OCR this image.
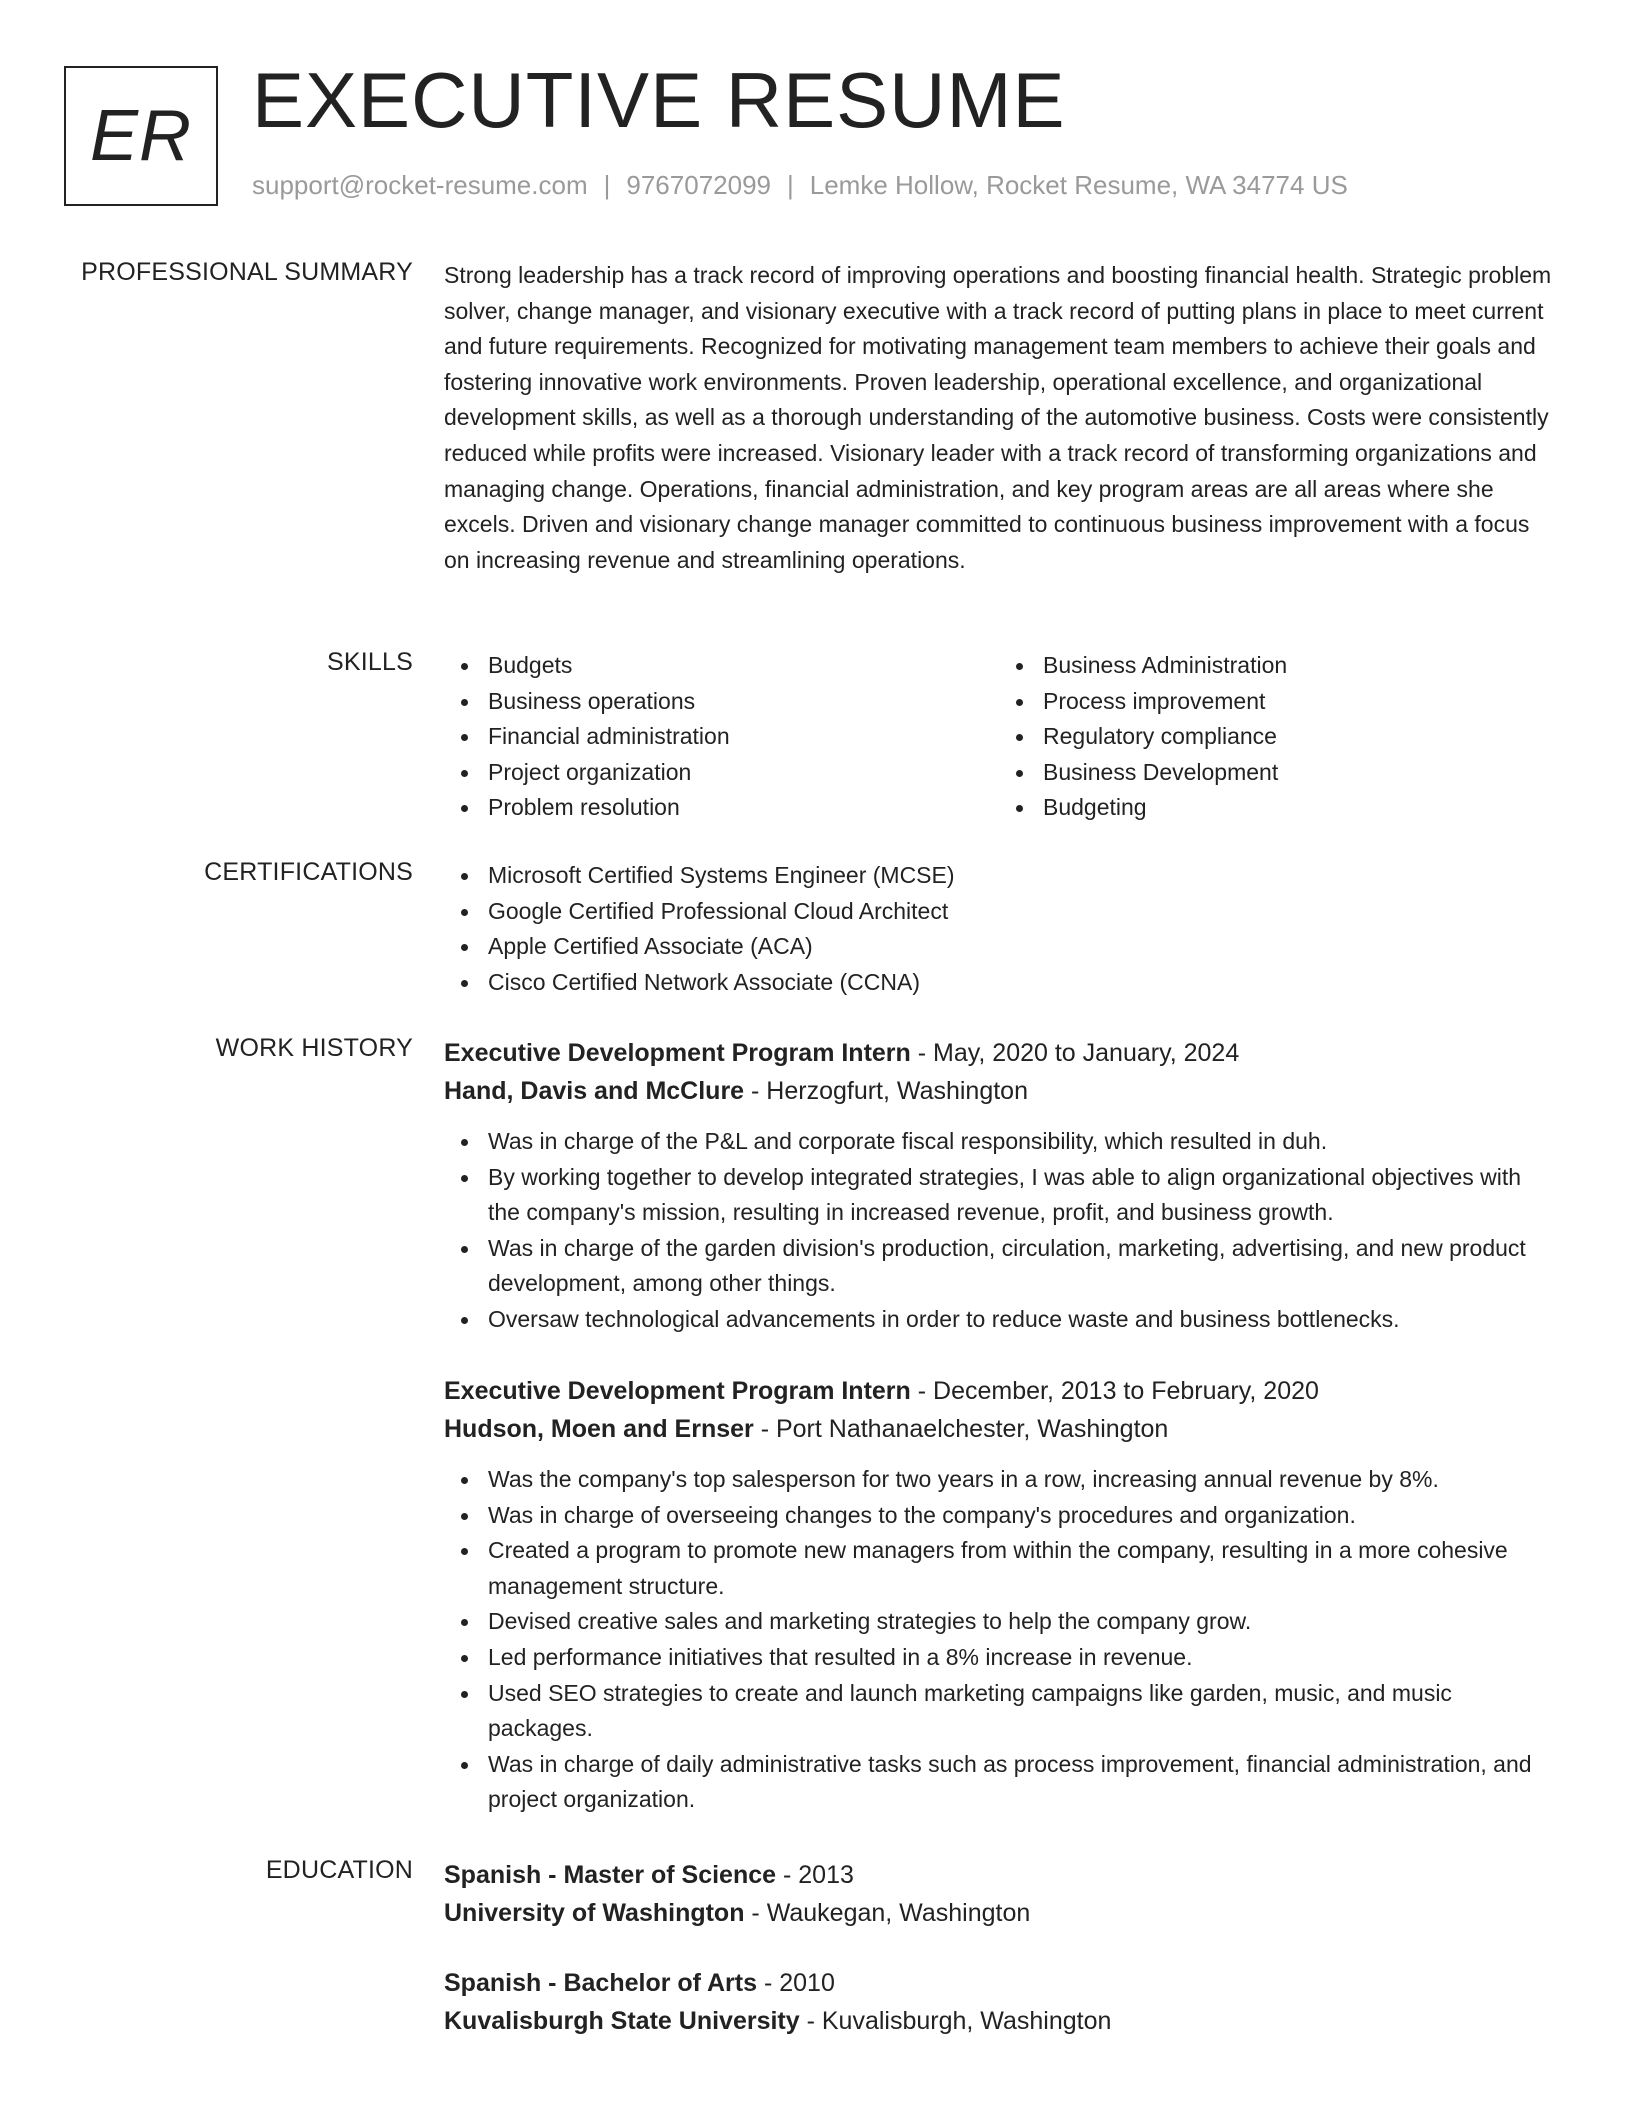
ER EXECUTIVE RESUME
support@rocket-resume.com | 9767072099 | Lemke Hollow, Rocket Resume, WA 34774 US
PROFESSIONAL SUMMARY Strong leadership has a track record of improving operations and boosting financial health. Strategic problem solver, change manager, and visionary executive with a track record of putting plans in place to meet current and future requirements. Recognized for motivating management team members to achieve their goals and fostering innovative work environments. Proven leadership, operational excellence, and organizational development skills, as well as a thorough understanding of the automotive business. Costs were consistently reduced while profits were increased. Visionary leader with a track record of transforming organizations and managing change. Operations, financial administration, and key program areas are all areas where she excels. Driven and visionary change manager committed to continuous business improvement with a focus on increasing revenue and streamlining operations.
SKILLS	Budgets
Business operations
Financial administration
Project organization
Problem resolution
Business Administration
Process improvement
Regulatory compliance
Business Development
Budgeting
CERTIFICATIONS	Microsoft Certified Systems Engineer (MCSE)
Google Certified Professional Cloud Architect
Apple Certified Associate (ACA)
Cisco Certified Network Associate (CCNA)
WORK HISTORY Executive Development Program Intern - May, 2020 to January, 2024
Hand, Davis and McClure - Herzogfurt, Washington
Was in charge of the P&L and corporate fiscal responsibility, which resulted in duh.
By working together to develop integrated strategies, I was able to align organizational objectives with the company's mission, resulting in increased revenue, profit, and business growth.
Was in charge of the garden division's production, circulation, marketing, advertising, and new product development, among other things.
Oversaw technological advancements in order to reduce waste and business bottlenecks.
Executive Development Program Intern - December, 2013 to February, 2020
Hudson, Moen and Ernser - Port Nathanaelchester, Washington
Was the company's top salesperson for two years in a row, increasing annual revenue by 8%.
Was in charge of overseeing changes to the company's procedures and organization.
Created a program to promote new managers from within the company, resulting in a more cohesive management structure.
Devised creative sales and marketing strategies to help the company grow.
Led performance initiatives that resulted in a 8% increase in revenue.
Used SEO strategies to create and launch marketing campaigns like garden, music, and music packages.
Was in charge of daily administrative tasks such as process improvement, financial administration, and project organization.
EDUCATION Spanish - Master of Science - 2013
University of Washington - Waukegan, Washington
Spanish - Bachelor of Arts - 2010
Kuvalisburgh State University - Kuvalisburgh, Washington
